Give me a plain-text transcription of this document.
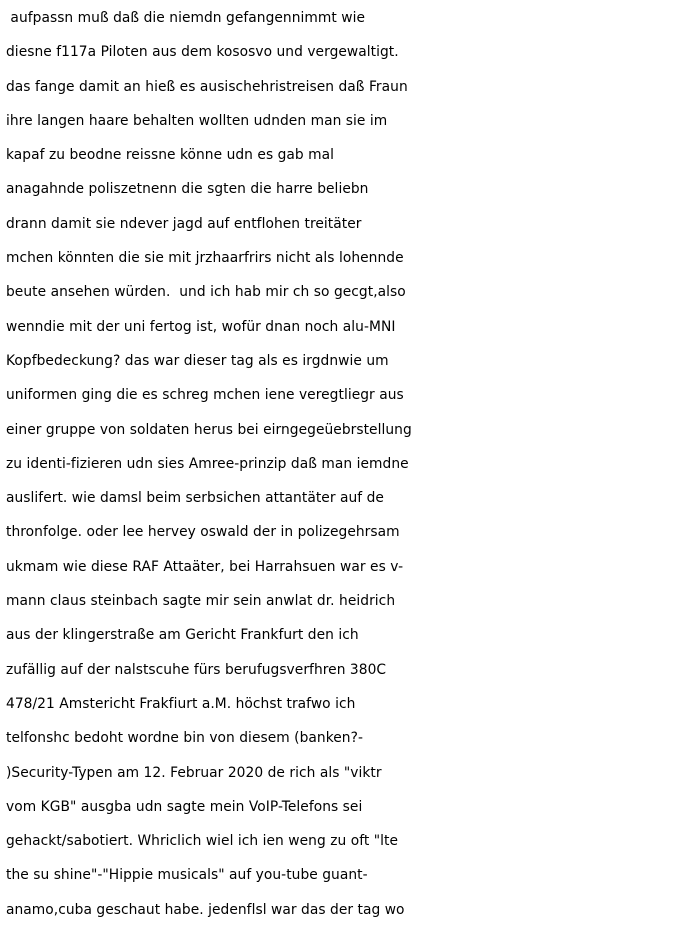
aufpassn muß daß die niemdn gefangennimmt wie
diesne f117a Piloten aus dem kososvo und vergewaltigt.
das fange damit an hieß es ausischehristreisen daß Fraun
ihre langen haare behalten wollten udnden man sie im
kapaf zu beodne reissne könne udn es gab mal
anagahnde poliszetnenn die sgten die harre beliebn
drann damit sie ndever jagd auf entflohen treitäter
mchen könnten die sie mit jrzhaarfrirs nicht als lohennde
beute ansehen würden.  und ich hab mir ch so gecgt,also
wenndie mit der uni fertog ist, wofür dnan noch alu-MNI
Kopfbedeckung? das war dieser tag als es irgdnwie um
uniformen ging die es schreg mchen iene veregtliegr aus
einer gruppe von soldaten herus bei eirngegeüebrstellung
zu identi-fizieren udn sies Amree-prinzip daß man iemdne
auslifert. wie damsl beim serbsichen attantäter auf de
thronfolge. oder lee hervey oswald der in polizegehrsam
ukmam wie diese RAF Attaäter, bei Harrahsuen war es v-
mann claus steinbach sagte mir sein anwlat dr. heidrich
aus der klingerstraße am Gericht Frankfurt den ich
zufällig auf der nalstscuhe fürs berufugsverfhren 380C
478/21 Amstericht Frakfiurt a.M. höchst trafwo ich
telfonshc bedoht wordne bin von diesem (banken?-
)Security-Typen am 12. Februar 2020 de rich als "viktr
vom KGB" ausgba udn sagte mein VoIP-Telefons sei
gehackt/sabotiert. Whriclich wiel ich ien weng zu oft "lte
the su shine"-"Hippie musicals" auf you-tube guant-
anamo,cuba geschaut habe. jedenflsl war das der tag wo
